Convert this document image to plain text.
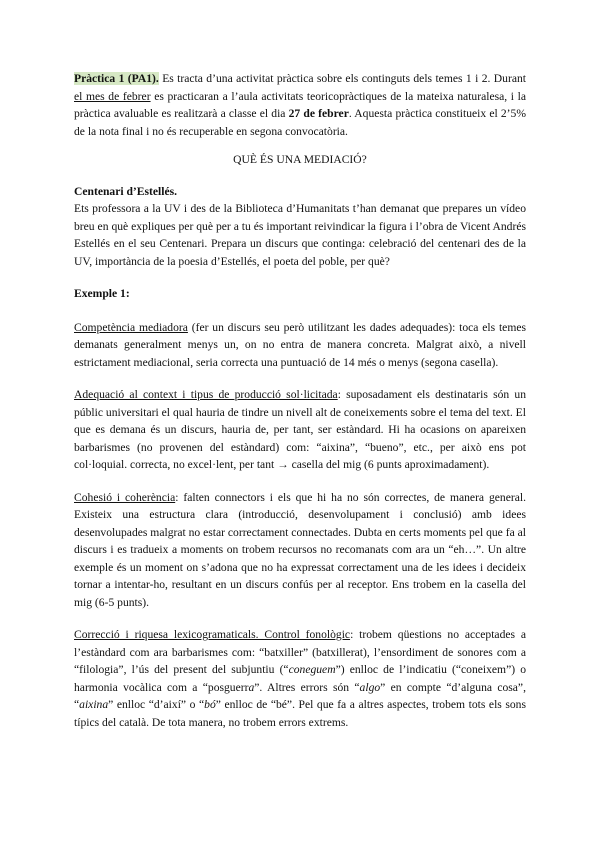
Pràctica 1 (PA1). Es tracta d’una activitat pràctica sobre els continguts dels temes 1 i 2. Durant el mes de febrer es practicaran a l’aula activitats teoricopràctiques de la mateixa naturalesa, i la pràctica avaluable es realitzarà a classe el dia 27 de febrer. Aquesta pràctica constitueix el 2’5% de la nota final i no és recuperable en segona convocatòria.

QUÈ ÉS UNA MEDIACIÓ?

Centenari d’Estellés.

Ets professora a la UV i des de la Biblioteca d’Humanitats t’han demanat que prepares un vídeo breu en què expliques per què per a tu és important reivindicar la figura i l’obra de Vicent Andrés Estellés en el seu Centenari. Prepara un discurs que continga: celebració del centenari des de la UV, importància de la poesia d’Estellés, el poeta del poble, per què?

Exemple 1:

Competència mediadora (fer un discurs seu però utilitzant les dades adequades): toca els temes demanats generalment menys un, on no entra de manera concreta. Malgrat això, a nivell estrictament mediacional, seria correcta una puntuació de 14 més o menys (segona casella).

Adequació al context i tipus de producció sol·licitada: suposadament els destinataris són un públic universitari el qual hauria de tindre un nivell alt de coneixements sobre el tema del text. El que es demana és un discurs, hauria de, per tant, ser estàndard. Hi ha ocasions on apareixen barbarismes (no provenen del estàndard) com: “aixina”, “bueno”, etc., per això ens pot col·loquial. correcta, no excel·lent, per tant → casella del mig (6 punts aproximadament).

Cohesió i coherència: falten connectors i els que hi ha no són correctes, de manera general. Existeix una estructura clara (introducció, desenvolupament i conclusió) amb idees desenvolupades malgrat no estar correctament connectades. Dubta en certs moments pel que fa al discurs i es tradueix a moments on trobem recursos no recomanats com ara un “eh…”. Un altre exemple és un moment on s’adona que no ha expressat correctament una de les idees i decideix tornar a intentar-ho, resultant en un discurs confús per al receptor. Ens trobem en la casella del mig (6-5 punts).

Correcció i riquesa lexicogramaticals. Control fonològic: trobem qüestions no acceptades a l’estàndard com ara barbarismes com: “batxiller” (batxillerat), l’ensordiment de sonores com a “filologia”, l’ús del present del subjuntiu (“coneguem”) enlloc de l’indicatiu (“coneixem”) o harmonia vocàlica com a “posguerra”. Altres errors són “algo” en compte “d’alguna cosa”, “aixina” enlloc “d’així” o “bó” enlloc de “bé”. Pel que fa a altres aspectes, trobem tots els sons típics del català. De tota manera, no trobem errors extrems.
